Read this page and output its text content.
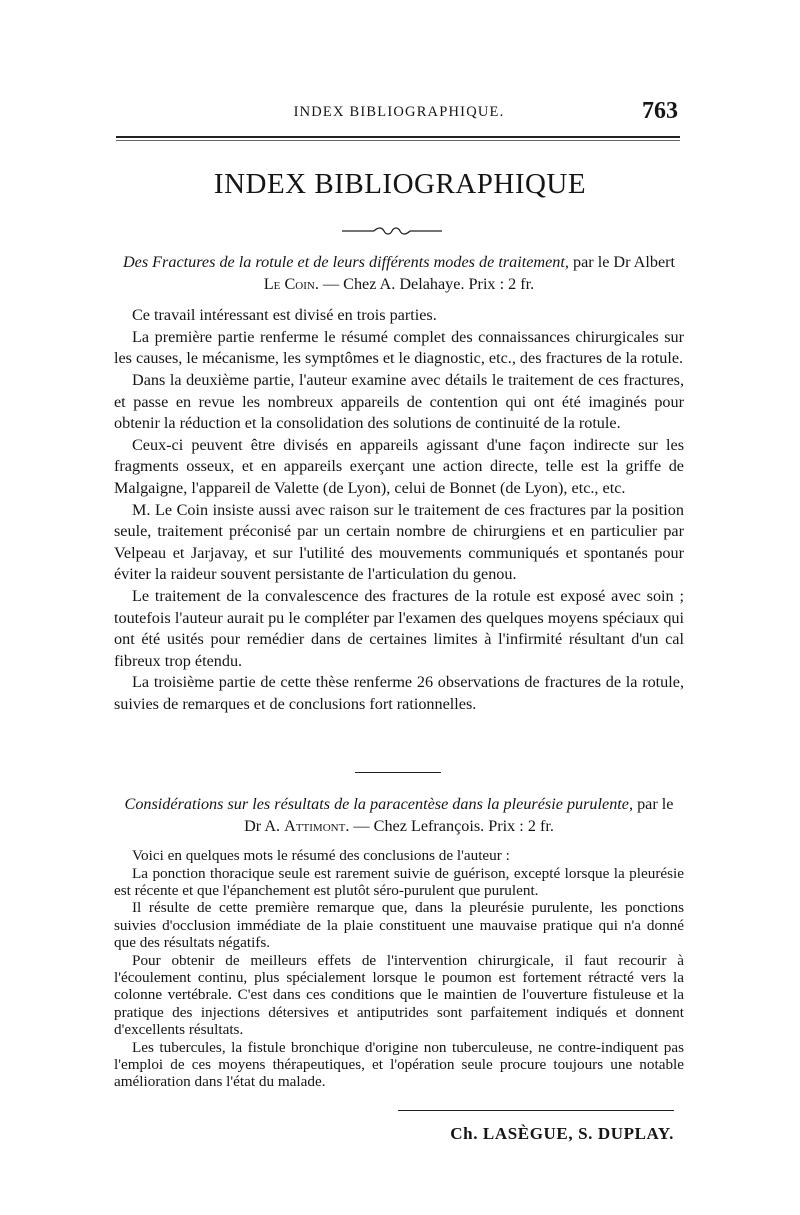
INDEX BIBLIOGRAPHIQUE.	763
INDEX BIBLIOGRAPHIQUE

Des Fractures de la rotule et de leurs différents modes de traitement, par le Dr Albert Le Coin. — Chez A. Delahaye. Prix : 2 fr.

Ce travail intéressant est divisé en trois parties.

La première partie renferme le résumé complet des connaissances chirurgicales sur les causes, le mécanisme, les symptômes et le diagnostic, etc., des fractures de la rotule.

Dans la deuxième partie, l'auteur examine avec détails le traitement de ces fractures, et passe en revue les nombreux appareils de contention qui ont été imaginés pour obtenir la réduction et la consolidation des solutions de continuité de la rotule.

Ceux-ci peuvent être divisés en appareils agissant d'une façon indirecte sur les fragments osseux, et en appareils exerçant une action directe, telle est la griffe de Malgaigne, l'appareil de Valette (de Lyon), celui de Bonnet (de Lyon), etc., etc.

M. Le Coin insiste aussi avec raison sur le traitement de ces fractures par la position seule, traitement préconisé par un certain nombre de chirurgiens et en particulier par Velpeau et Jarjavay, et sur l'utilité des mouvements communiqués et spontanés pour éviter la raideur souvent persistante de l'articulation du genou.

Le traitement de la convalescence des fractures de la rotule est exposé avec soin ; toutefois l'auteur aurait pu le compléter par l'examen des quelques moyens spéciaux qui ont été usités pour remédier dans de certaines limites à l'infirmité résultant d'un cal fibreux trop étendu.

La troisième partie de cette thèse renferme 26 observations de fractures de la rotule, suivies de remarques et de conclusions fort rationnelles.

Considérations sur les résultats de la paracentèse dans la pleurésie purulente, par le Dr A. Attimont. — Chez Lefrançois. Prix : 2 fr.

Voici en quelques mots le résumé des conclusions de l'auteur :

La ponction thoracique seule est rarement suivie de guérison, excepté lorsque la pleurésie est récente et que l'épanchement est plutôt séro-purulent que purulent.

Il résulte de cette première remarque que, dans la pleurésie purulente, les ponctions suivies d'occlusion immédiate de la plaie constituent une mauvaise pratique qui n'a donné que des résultats négatifs.

Pour obtenir de meilleurs effets de l'intervention chirurgicale, il faut recourir à l'écoulement continu, plus spécialement lorsque le poumon est fortement rétracté vers la colonne vertébrale. C'est dans ces conditions que le maintien de l'ouverture fistuleuse et la pratique des injections détersives et antiputrides sont parfaitement indiqués et donnent d'excellents résultats.

Les tubercules, la fistule bronchique d'origine non tuberculeuse, ne contre-indiquent pas l'emploi de ces moyens thérapeutiques, et l'opération seule procure toujours une notable amélioration dans l'état du malade.

Ch. LASÈGUE, S. DUPLAY.
